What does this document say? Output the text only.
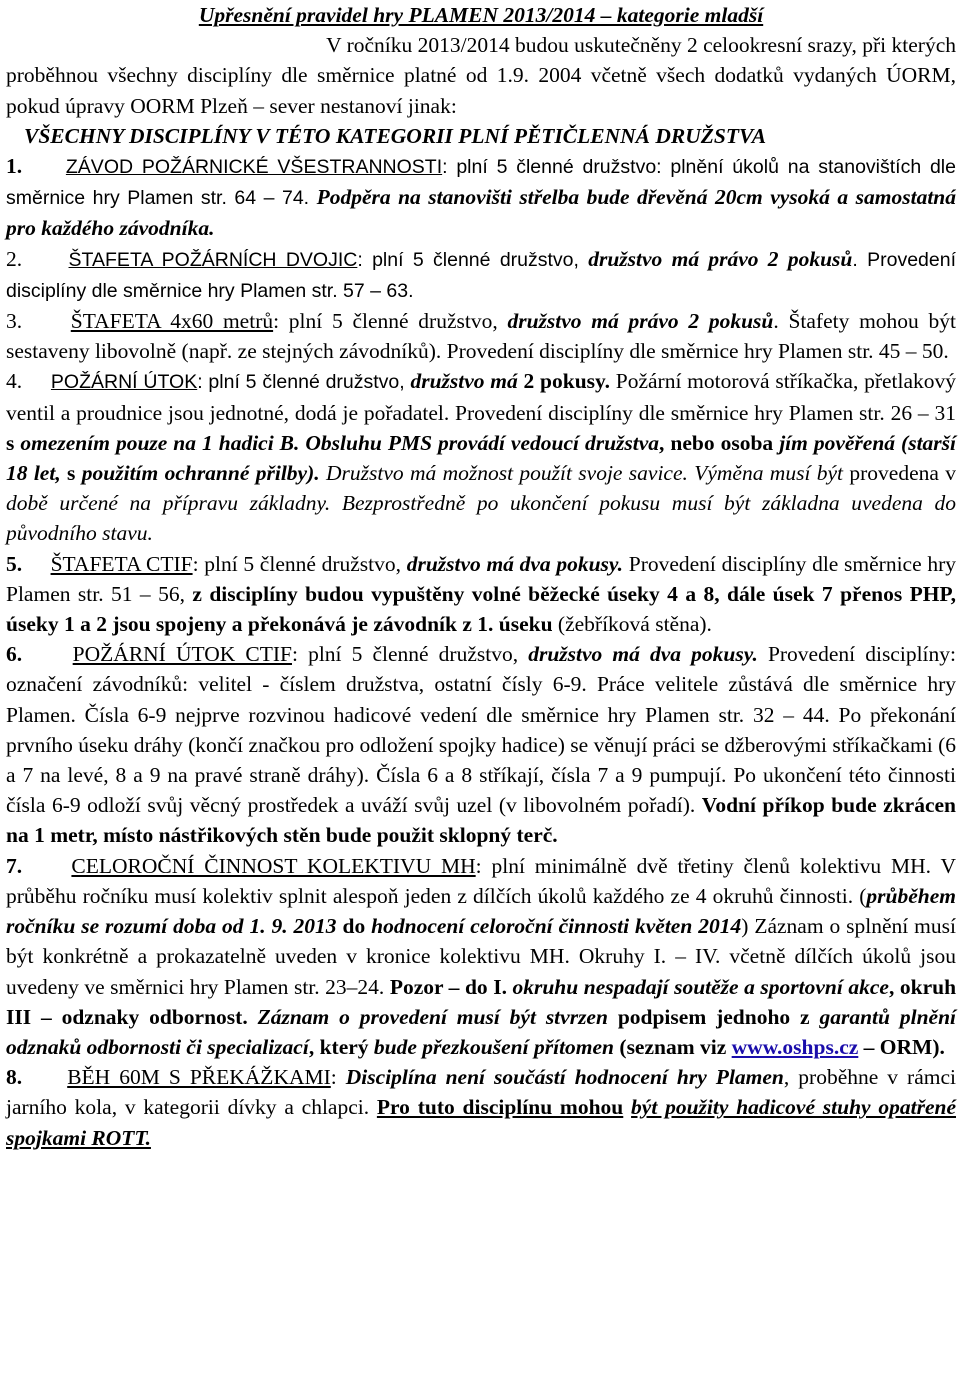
Upřesnění pravidel hry PLAMEN 2013/2014 – kategorie mladší

V ročníku 2013/2014 budou uskutečněny 2 celookresní srazy, při kterých
proběhnou všechny disciplíny dle směrnice platné od 1.9. 2004 včetně všech dodatků vydaných ÚORM, pokud úpravy OORM Plzeň – sever nestanoví jinak:

VŠECHNY DISCIPLÍNY V TÉTO KATEGORII PLNÍ PĚTIČLENNÁ DRUŽSTVA

1. ZÁVOD POŽÁRNICKÉ VŠESTRANNOSTI: plní 5 členné družstvo: plnění úkolů na stanovištích dle směrnice hry Plamen str. 64 – 74. Podpěra na stanovišti střelba bude dřevěná 20cm vysoká a samostatná pro každého závodníka.

2. ŠTAFETA POŽÁRNÍCH DVOJIC: plní 5 členné družstvo, družstvo má právo 2 pokusů. Provedení disciplíny dle směrnice hry Plamen str. 57 – 63.

3. ŠTAFETA 4x60 metrů: plní 5 členné družstvo, družstvo má právo 2 pokusů. Štafety mohou být sestaveny libovolně (např. ze stejných závodníků). Provedení disciplíny dle směrnice hry Plamen str. 45 – 50.

4. POŽÁRNÍ ÚTOK: plní 5 členné družstvo, družstvo má 2 pokusy. Požární motorová stříkačka, přetlakový ventil a proudnice jsou jednotné, dodá je pořadatel. Provedení disciplíny dle směrnice hry Plamen str. 26 – 31 s omezením pouze na 1 hadici B. Obsluhu PMS provádí vedoucí družstva, nebo osoba jím pověřená (starší 18 let, s použitím ochranné přilby). Družstvo má možnost použít svoje savice. Výměna musí být provedena v době určené na přípravu základny. Bezprostředně po ukončení pokusu musí být základna uvedena do původního stavu.

5. ŠTAFETA CTIF: plní 5 členné družstvo, družstvo má dva pokusy. Provedení disciplíny dle směrnice hry Plamen str. 51 – 56, z disciplíny budou vypuštěny volné běžecké úseky 4 a 8, dále úsek 7 přenos PHP, úseky 1 a 2 jsou spojeny a překonává je závodník z 1. úseku (žebříková stěna).

6. POŽÁRNÍ ÚTOK CTIF: plní 5 členné družstvo, družstvo má dva pokusy. Provedení disciplíny: označení závodníků: velitel - číslem družstva, ostatní čísly 6-9. Práce velitele zůstává dle směrnice hry Plamen. Čísla 6-9 nejprve rozvinou hadicové vedení dle směrnice hry Plamen str. 32 – 44. Po překonání prvního úseku dráhy (končí značkou pro odložení spojky hadice) se věnují práci se džberovými stříkačkami (6 a 7 na levé, 8 a 9 na pravé straně dráhy). Čísla 6 a 8 stříkají, čísla 7 a 9 pumpují. Po ukončení této činnosti čísla 6-9 odloží svůj věcný prostředek a uváží svůj uzel (v libovolném pořadí). Vodní příkop bude zkrácen na 1 metr, místo nástřikových stěn bude použit sklopný terč.

7. CELOROČNÍ ČINNOST KOLEKTIVU MH: plní minimálně dvě třetiny členů kolektivu MH. V průběhu ročníku musí kolektiv splnit alespoň jeden z dílčích úkolů každého ze 4 okruhů činnosti. (průběhem ročníku se rozumí doba od 1. 9. 2013 do hodnocení celoroční činnosti květen 2014) Záznam o splnění musí být konkrétně a prokazatelně uveden v kronice kolektivu MH. Okruhy I. – IV. včetně dílčích úkolů jsou uvedeny ve směrnici hry Plamen str. 23–24. Pozor – do I. okruhu nespadají soutěže a sportovní akce, okruh III – odznaky odbornost. Záznam o provedení musí být stvrzen podpisem jednoho z garantů plnění odznaků odbornosti či specializací, který bude přezkoušení přítomen (seznam viz www.oshps.cz – ORM).

8. BĚH 60M S PŘEKÁŽKAMI: Disciplína není součástí hodnocení hry Plamen, proběhne v rámci jarního kola, v kategorii dívky a chlapci. Pro tuto disciplínu mohou být použity hadicové stuhy opatřené spojkami ROTT.
